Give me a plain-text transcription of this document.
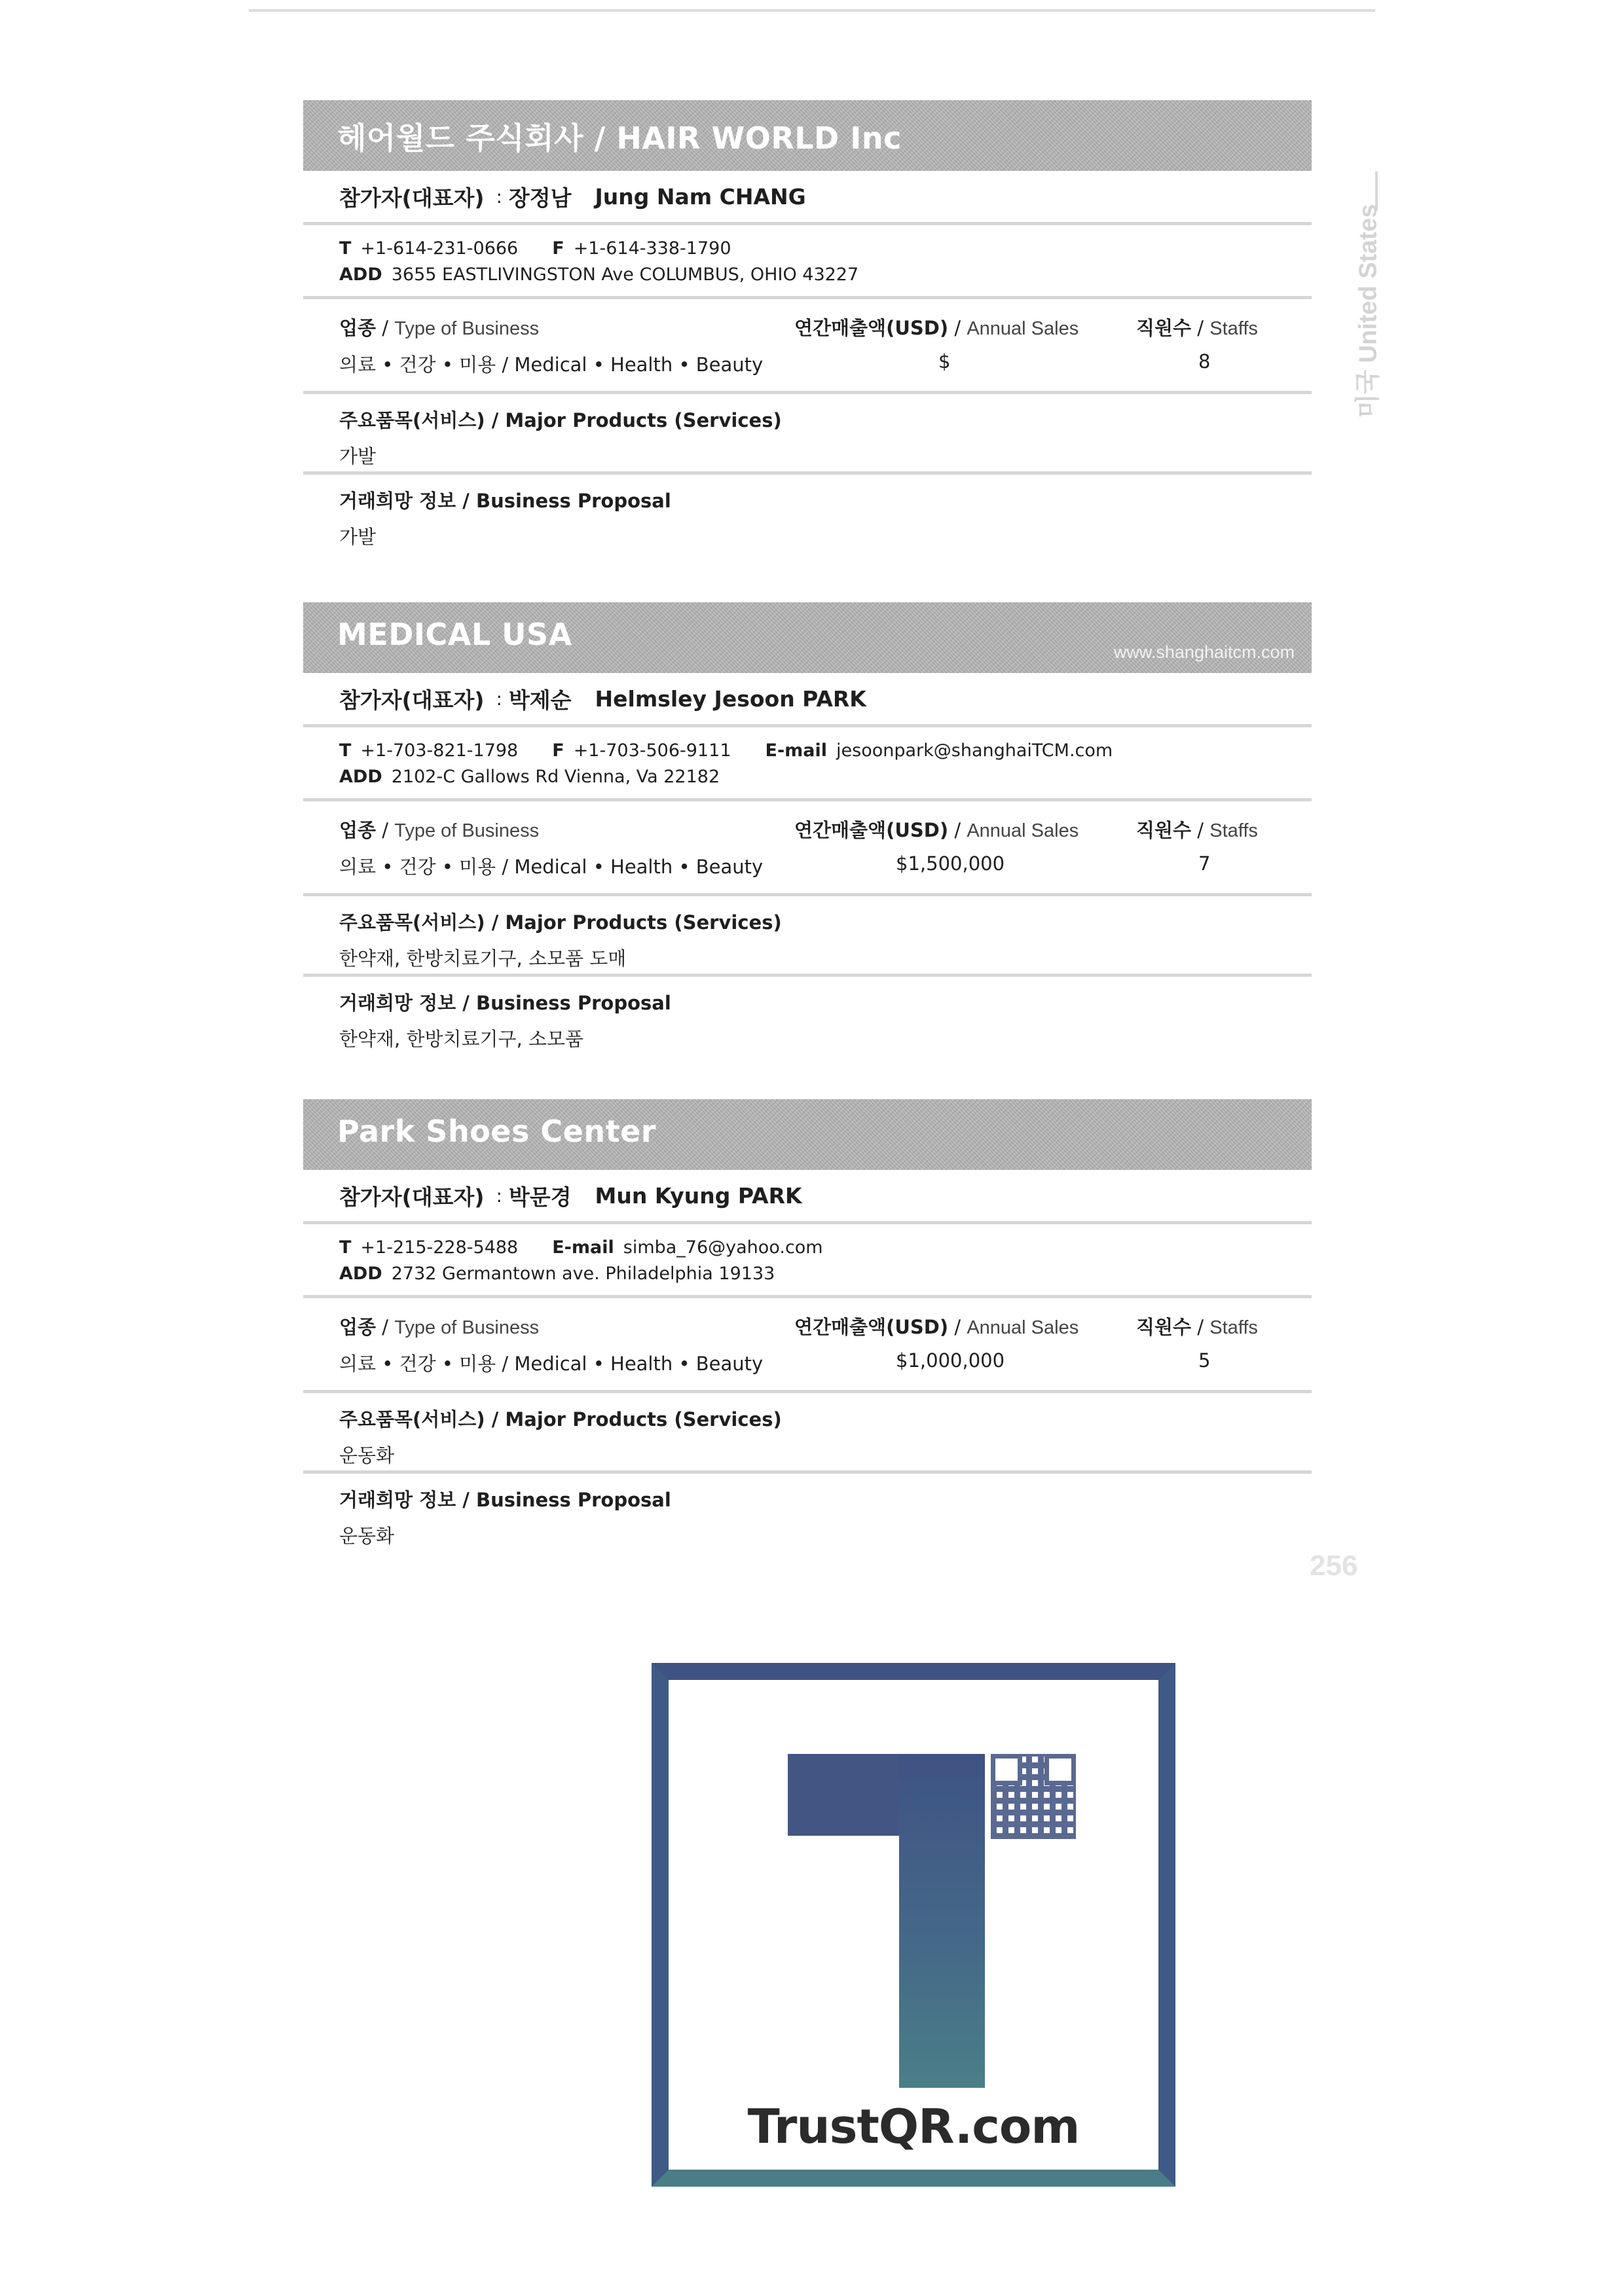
미국 United States
헤어월드 주식회사 / HAIR WORLD Inc
참가자(대표자) : 장정남 Jung Nam CHANG
T +1-614-231-0666 F +1-614-338-1790
ADD 3655 EASTLIVINGSTON Ave COLUMBUS, OHIO 43227
업종 / Type of Business	연간매출액(USD) / Annual Sales	직원수 / Staffs
의료 • 건강 • 미용 / Medical • Health • Beauty	$	8
주요품목(서비스) / Major Products (Services)
가발
거래희망 정보 / Business Proposal
가발
MEDICAL USA	www.shanghaitcm.com
참가자(대표자) : 박제순 Helmsley Jesoon PARK
T +1-703-821-1798 F +1-703-506-9111 E-mail jesoonpark@shanghaiTCM.com
ADD 2102-C Gallows Rd Vienna, Va 22182
업종 / Type of Business	연간매출액(USD) / Annual Sales	직원수 / Staffs
의료 • 건강 • 미용 / Medical • Health • Beauty	$1,500,000	7
주요품목(서비스) / Major Products (Services)
한약재, 한방치료기구, 소모품 도매
거래희망 정보 / Business Proposal
한약재, 한방치료기구, 소모품
Park Shoes Center
참가자(대표자) : 박문경 Mun Kyung PARK
T +1-215-228-5488 E-mail simba_76@yahoo.com
ADD 2732 Germantown ave. Philadelphia 19133
업종 / Type of Business	연간매출액(USD) / Annual Sales	직원수 / Staffs
의료 • 건강 • 미용 / Medical • Health • Beauty	$1,000,000	5
주요품목(서비스) / Major Products (Services)
운동화
거래희망 정보 / Business Proposal
운동화
256
TrustQR.com
